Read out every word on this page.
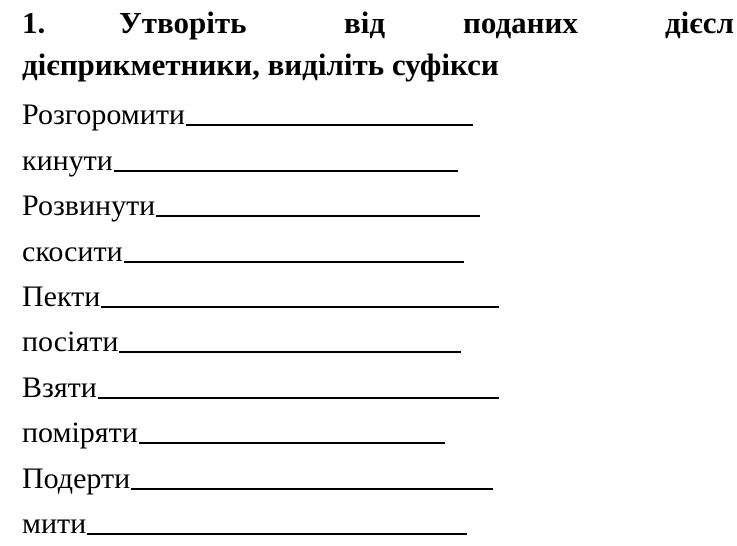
1. Утворіть	від	поданих	дієсл
дієприкметники, виділіть суфікси
Розгоромити
кинути
Розвинути
скосити
Пекти
посіяти
Взяти
поміряти
Подерти
мити
